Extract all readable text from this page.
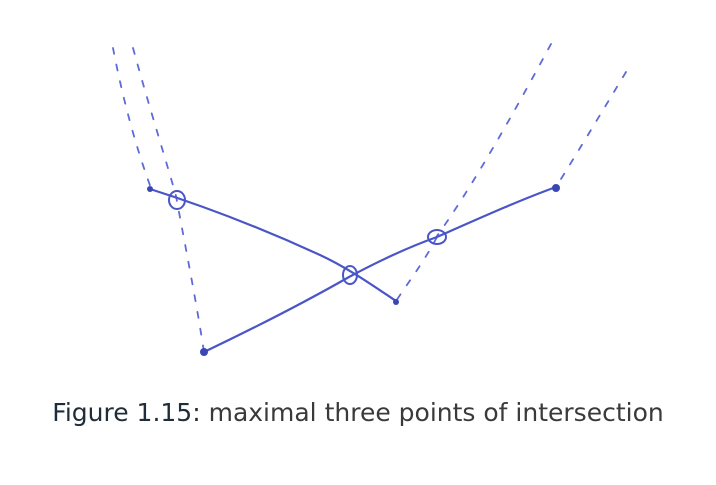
Figure 1.15: maximal three points of intersection
